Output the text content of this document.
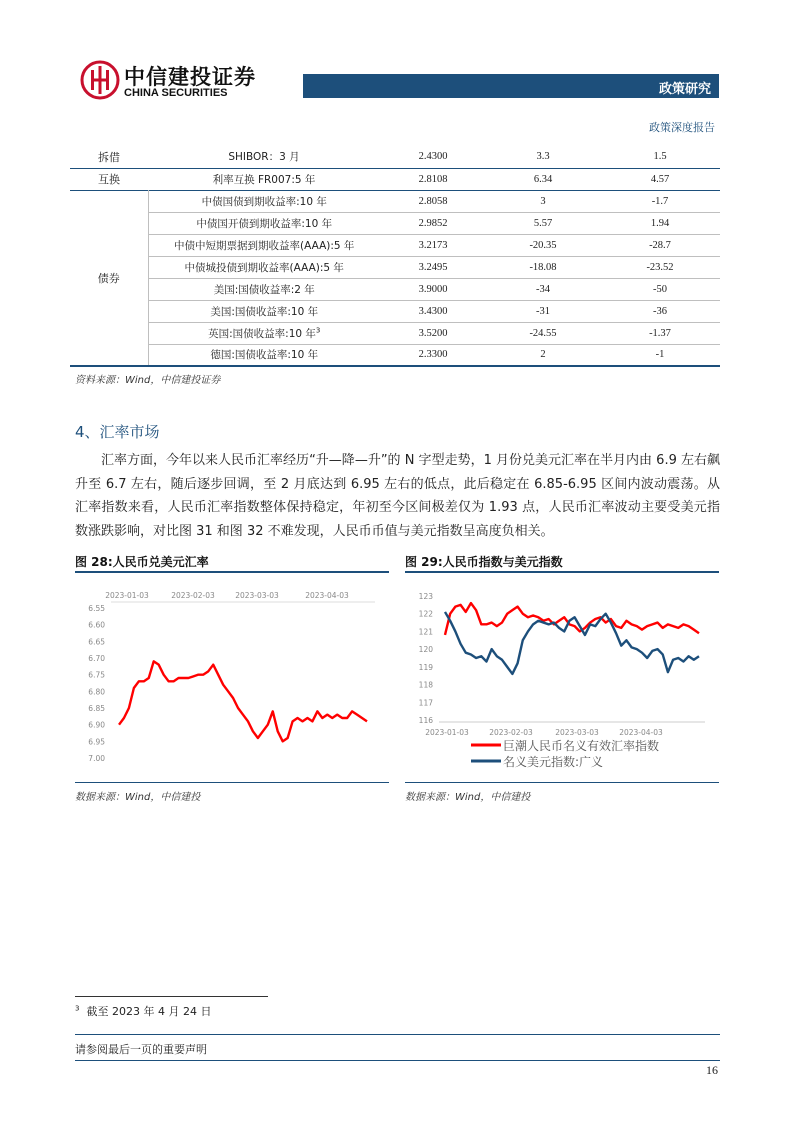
中信建投证券
CHINA SECURITIES	政策研究
政策深度报告
拆借	SHIBOR：3 月	2.4300	3.3	1.5
互换	利率互换 FR007:5 年	2.8108	6.34	4.57
债券	中债国债到期收益率:10 年	2.8058	3	-1.7
	中债国开债到期收益率:10 年	2.9852	5.57	1.94
	中债中短期票据到期收益率(AAA):5 年	3.2173	-20.35	-28.7
	中债城投债到期收益率(AAA):5 年	3.2495	-18.08	-23.52
	美国:国债收益率:2 年	3.9000	-34	-50
	美国:国债收益率:10 年	3.4300	-31	-36
	英国:国债收益率:10 年$^3$	3.5200	-24.55	-1.37
	德国:国债收益率:10 年	2.3300	2	-1
资料来源：Wind，中信建投证券
4、汇率市场
汇率方面，今年以来人民币汇率经历“升—降—升”的 N 字型走势，1 月份兑美元汇率在半月内由 6.9 左右飙升至 6.7 左右，随后逐步回调，至 2 月底达到 6.95 左右的低点，此后稳定在 6.85-6.95 区间内波动震荡。从汇率指数来看，人民币汇率指数整体保持稳定，年初至今区间极差仅为 1.93 点，人民币汇率波动主要受美元指数涨跌影响，对比图 31 和图 32 不难发现，人民币币值与美元指数呈高度负相关。
图 28:人民币兑美元汇率
6.55
6.60
6.65
6.70
6.75
6.80
6.85
6.90
6.95
7.00
2023-01-03	2023-02-03	2023-03-03	2023-04-03
数据来源：Wind，中信建投
图 29:人民币指数与美元指数
116
117
118
119
120
121
122
123
2023-01-03	2023-02-03	2023-03-03	2023-04-03
巨潮人民币名义有效汇率指数
名义美元指数:广义
数据来源：Wind，中信建投
$^3$ 截至 2023 年 4 月 24 日
请参阅最后一页的重要声明
16
